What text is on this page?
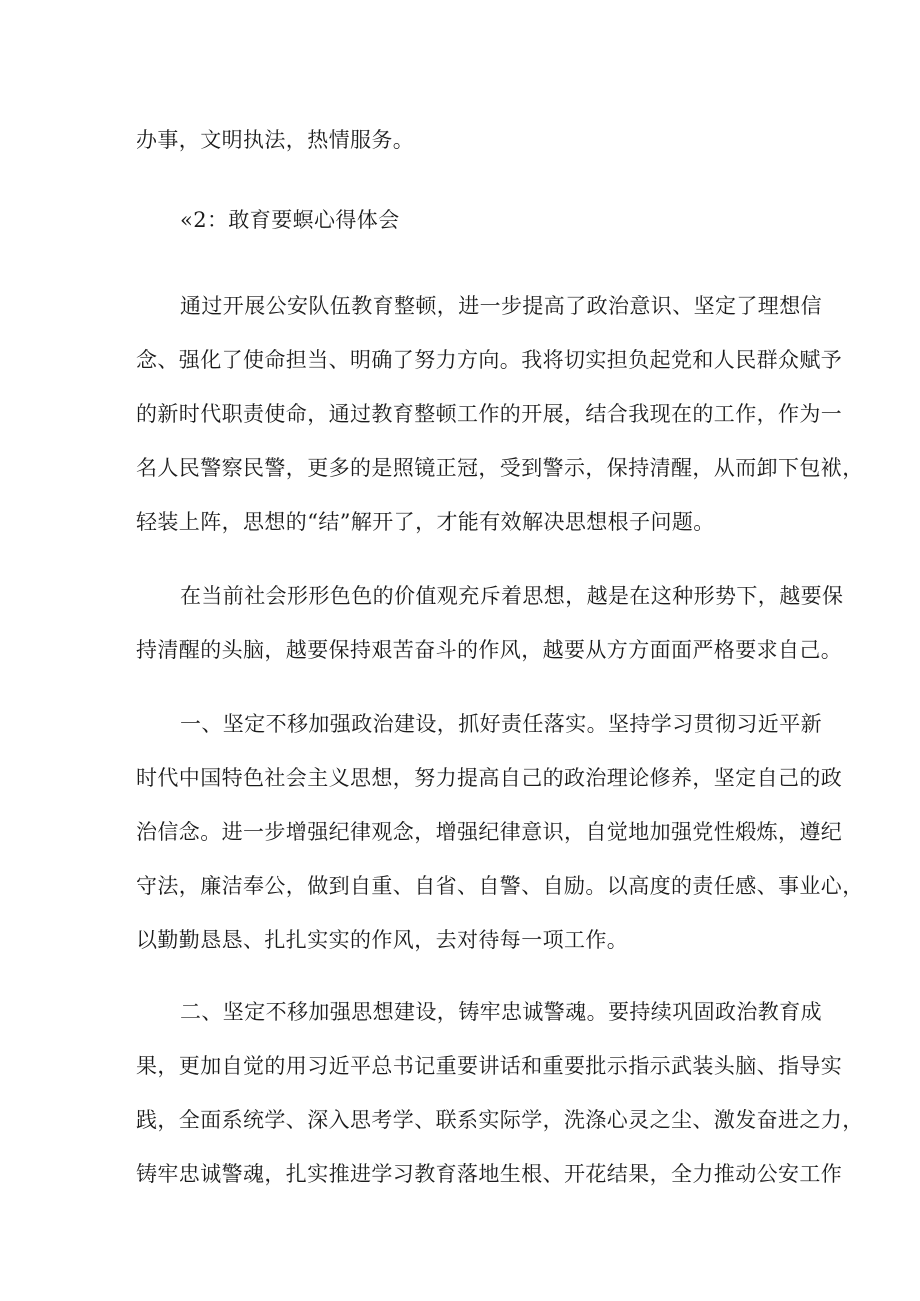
办事，文明执法，热情服务。
«2：敢育要螟心得体会
通过开展公安队伍教育整顿，进一步提高了政治意识、坚定了理想信
念、强化了使命担当、明确了努力方向。我将切实担负起党和人民群众赋予
的新时代职责使命，通过教育整顿工作的开展，结合我现在的工作，作为一
名人民警察民警，更多的是照镜正冠，受到警示，保持清醒，从而卸下包袱，
轻装上阵，思想的“结”解开了，才能有效解决思想根子问题。
在当前社会形形色色的价值观充斥着思想，越是在这种形势下，越要保
持清醒的头脑，越要保持艰苦奋斗的作风，越要从方方面面严格要求自己。
一、坚定不移加强政治建设，抓好责任落实。坚持学习贯彻习近平新
时代中国特色社会主义思想，努力提高自己的政治理论修养，坚定自己的政
治信念。进一步增强纪律观念，增强纪律意识，自觉地加强党性煅炼，遵纪
守法，廉洁奉公，做到自重、自省、自警、自励。以高度的责任感、事业心，
以勤勤恳恳、扎扎实实的作风，去对待每一项工作。
二、坚定不移加强思想建设，铸牢忠诚警魂。要持续巩固政治教育成
果，更加自觉的用习近平总书记重要讲话和重要批示指示武装头脑、指导实
践，全面系统学、深入思考学、联系实际学，洗涤心灵之尘、激发奋进之力，
铸牢忠诚警魂，扎实推进学习教育落地生根、开花结果，全力推动公安工作
